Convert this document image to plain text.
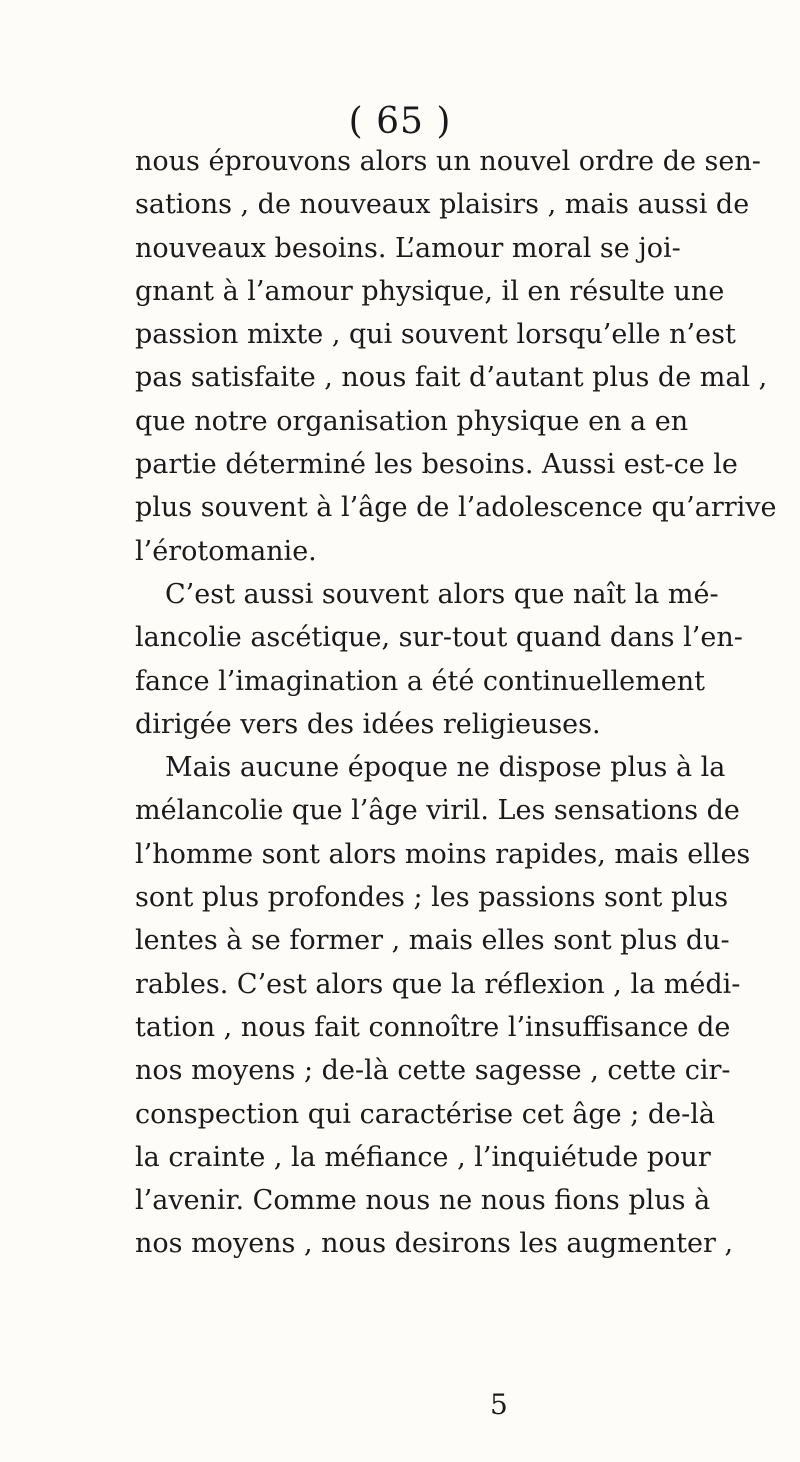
( 65 )
nous éprouvons alors un nouvel ordre de sen-
sations , de nouveaux plaisirs , mais aussi de
nouveaux besoins. L’amour moral se joi-
gnant à l’amour physique, il en résulte une
passion mixte , qui souvent lorsqu’elle n’est
pas satisfaite , nous fait d’autant plus de mal ,
que notre organisation physique en a en
partie déterminé les besoins. Aussi est-ce le
plus souvent à l’âge de l’adolescence qu’arrive
l’érotomanie.
C’est aussi souvent alors que naît la mé-
lancolie ascétique, sur-tout quand dans l’en-
fance l’imagination a été continuellement
dirigée vers des idées religieuses.
Mais aucune époque ne dispose plus à la
mélancolie que l’âge viril. Les sensations de
l’homme sont alors moins rapides, mais elles
sont plus profondes ; les passions sont plus
lentes à se former , mais elles sont plus du-
rables. C’est alors que la réflexion , la médi-
tation , nous fait connoître l’insuffisance de
nos moyens ; de-là cette sagesse , cette cir-
conspection qui caractérise cet âge ; de-là
la crainte , la méfiance , l’inquiétude pour
l’avenir. Comme nous ne nous fions plus à
nos moyens , nous desirons les augmenter ,
5
